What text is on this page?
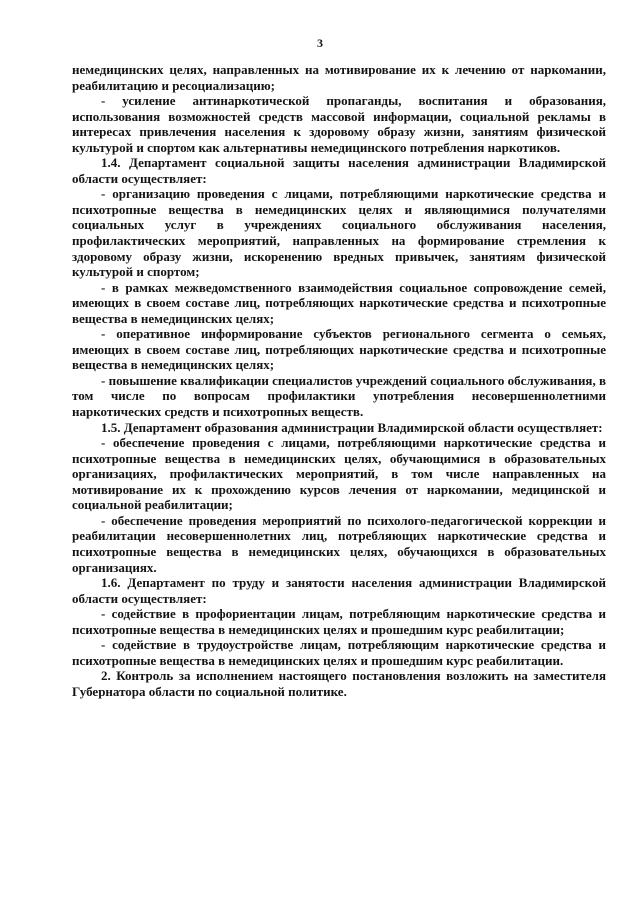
3

немедицинских целях, направленных на мотивирование их к лечению от наркомании, реабилитацию и ресоциализацию;

- усиление антинаркотической пропаганды, воспитания и образования, использования возможностей средств массовой информации, социальной рекламы в интересах привлечения населения к здоровому образу жизни, занятиям физической культурой и спортом как альтернативы немедицинского потребления наркотиков.

1.4. Департамент социальной защиты населения администрации Владимирской области осуществляет:

- организацию проведения с лицами, потребляющими наркотические средства и психотропные вещества в немедицинских целях и являющимися получателями социальных услуг в учреждениях социального обслуживания населения, профилактических мероприятий, направленных на формирование стремления к здоровому образу жизни, искоренению вредных привычек, занятиям физической культурой и спортом;

- в рамках межведомственного взаимодействия социальное сопровождение семей, имеющих в своем составе лиц, потребляющих наркотические средства и психотропные вещества в немедицинских целях;

- оперативное информирование субъектов регионального сегмента о семьях, имеющих в своем составе лиц, потребляющих наркотические средства и психотропные вещества в немедицинских целях;

- повышение квалификации специалистов учреждений социального обслуживания, в том числе по вопросам профилактики употребления несовершеннолетними наркотических средств и психотропных веществ.

1.5. Департамент образования администрации Владимирской области осуществляет:

- обеспечение проведения с лицами, потребляющими наркотические средства и психотропные вещества в немедицинских целях, обучающимися в образовательных организациях, профилактических мероприятий, в том числе направленных на мотивирование их к прохождению курсов лечения от наркомании, медицинской и социальной реабилитации;

- обеспечение проведения мероприятий по психолого-педагогической коррекции и реабилитации несовершеннолетних лиц, потребляющих наркотические средства и психотропные вещества в немедицинских целях, обучающихся в образовательных организациях.

1.6. Департамент по труду и занятости населения администрации Владимирской области осуществляет:

- содействие в профориентации лицам, потребляющим наркотические средства и психотропные вещества в немедицинских целях и прошедшим курс реабилитации;

- содействие в трудоустройстве лицам, потребляющим наркотические средства и психотропные вещества в немедицинских целях и прошедшим курс реабилитации.

2. Контроль за исполнением настоящего постановления возложить на заместителя Губернатора области по социальной политике.
